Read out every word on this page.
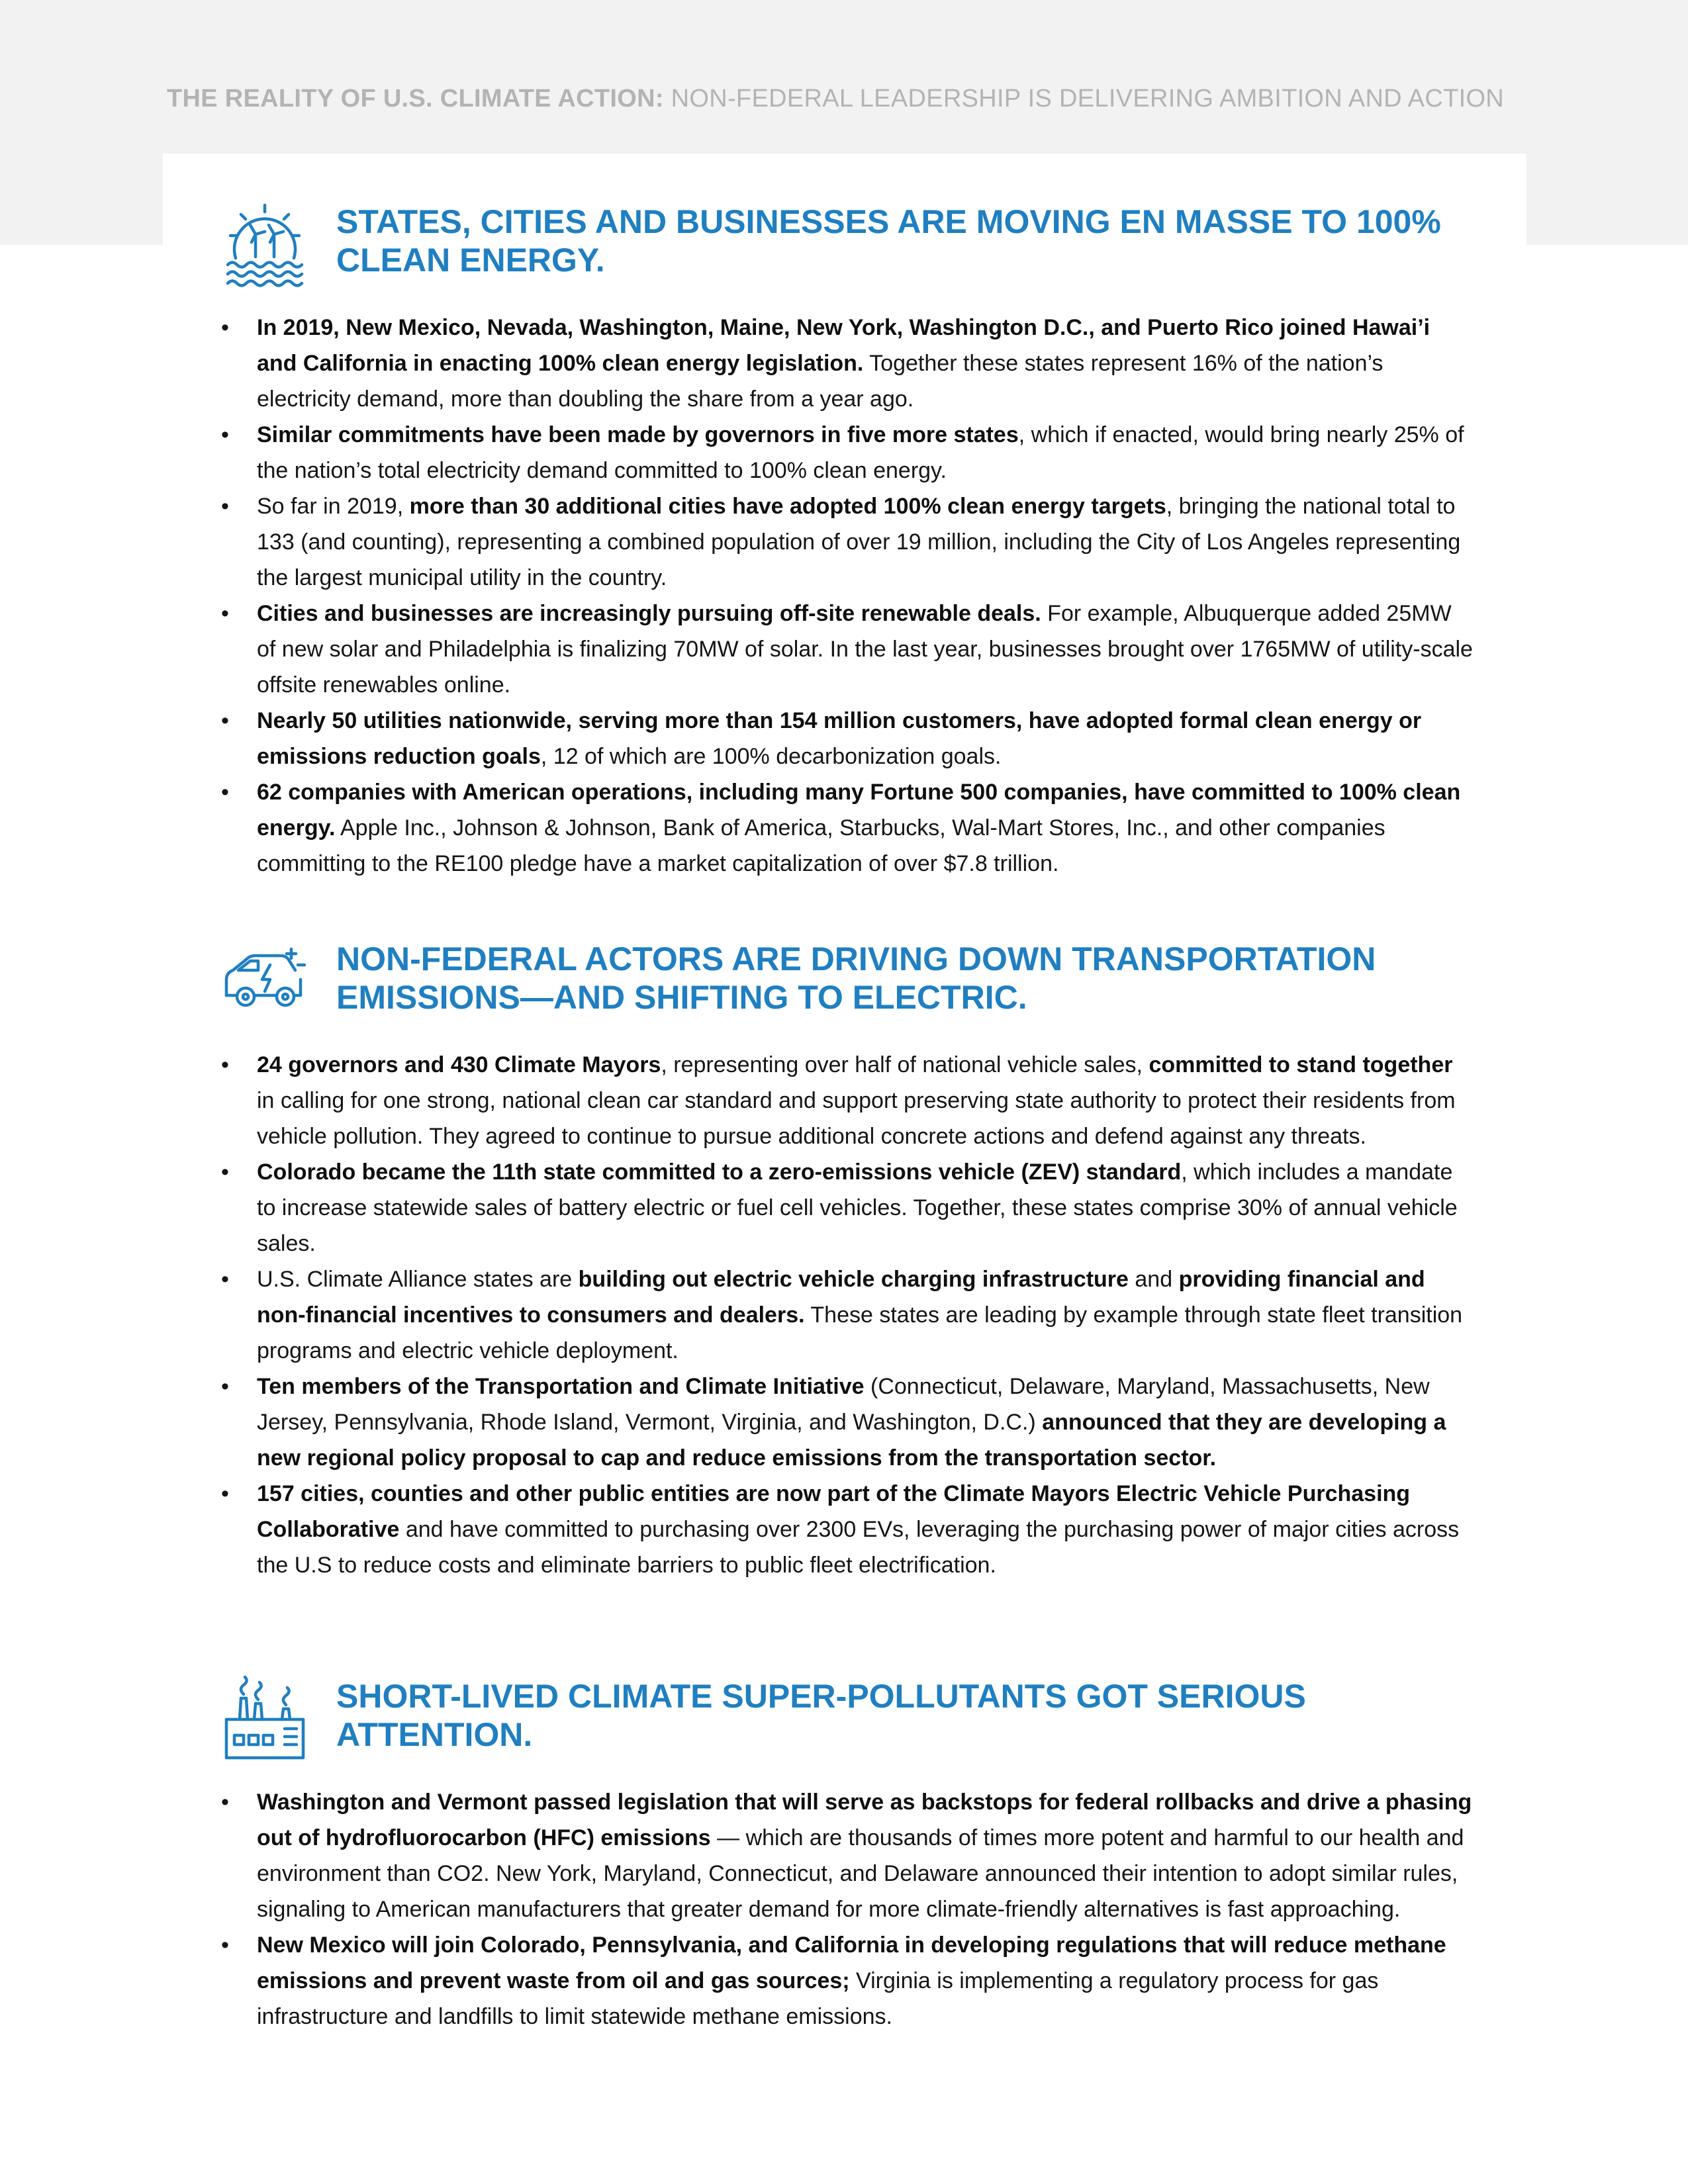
THE REALITY OF U.S. CLIMATE ACTION: NON-FEDERAL LEADERSHIP IS DELIVERING AMBITION AND ACTION
STATES, CITIES AND BUSINESSES ARE MOVING EN MASSE TO 100% CLEAN ENERGY.
• In 2019, New Mexico, Nevada, Washington, Maine, New York, Washington D.C., and Puerto Rico joined Hawai’i and California in enacting 100% clean energy legislation. Together these states represent 16% of the nation’s electricity demand, more than doubling the share from a year ago.
• Similar commitments have been made by governors in five more states, which if enacted, would bring nearly 25% of the nation’s total electricity demand committed to 100% clean energy.
• So far in 2019, more than 30 additional cities have adopted 100% clean energy targets, bringing the national total to 133 (and counting), representing a combined population of over 19 million, including the City of Los Angeles representing the largest municipal utility in the country.
• Cities and businesses are increasingly pursuing off-site renewable deals. For example, Albuquerque added 25MW of new solar and Philadelphia is finalizing 70MW of solar. In the last year, businesses brought over 1765MW of utility-scale offsite renewables online.
• Nearly 50 utilities nationwide, serving more than 154 million customers, have adopted formal clean energy or emissions reduction goals, 12 of which are 100% decarbonization goals.
• 62 companies with American operations, including many Fortune 500 companies, have committed to 100% clean energy. Apple Inc., Johnson & Johnson, Bank of America, Starbucks, Wal-Mart Stores, Inc., and other companies committing to the RE100 pledge have a market capitalization of over $7.8 trillion.
NON-FEDERAL ACTORS ARE DRIVING DOWN TRANSPORTATION EMISSIONS—AND SHIFTING TO ELECTRIC.
• 24 governors and 430 Climate Mayors, representing over half of national vehicle sales, committed to stand together in calling for one strong, national clean car standard and support preserving state authority to protect their residents from vehicle pollution. They agreed to continue to pursue additional concrete actions and defend against any threats.
• Colorado became the 11th state committed to a zero-emissions vehicle (ZEV) standard, which includes a mandate to increase statewide sales of battery electric or fuel cell vehicles. Together, these states comprise 30% of annual vehicle sales.
• U.S. Climate Alliance states are building out electric vehicle charging infrastructure and providing financial and non-financial incentives to consumers and dealers. These states are leading by example through state fleet transition programs and electric vehicle deployment.
• Ten members of the Transportation and Climate Initiative (Connecticut, Delaware, Maryland, Massachusetts, New Jersey, Pennsylvania, Rhode Island, Vermont, Virginia, and Washington, D.C.) announced that they are developing a new regional policy proposal to cap and reduce emissions from the transportation sector.
• 157 cities, counties and other public entities are now part of the Climate Mayors Electric Vehicle Purchasing Collaborative and have committed to purchasing over 2300 EVs, leveraging the purchasing power of major cities across the U.S to reduce costs and eliminate barriers to public fleet electrification.
SHORT-LIVED CLIMATE SUPER-POLLUTANTS GOT SERIOUS ATTENTION.
• Washington and Vermont passed legislation that will serve as backstops for federal rollbacks and drive a phasing out of hydrofluorocarbon (HFC) emissions — which are thousands of times more potent and harmful to our health and environment than CO2. New York, Maryland, Connecticut, and Delaware announced their intention to adopt similar rules, signaling to American manufacturers that greater demand for more climate-friendly alternatives is fast approaching.
• New Mexico will join Colorado, Pennsylvania, and California in developing regulations that will reduce methane emissions and prevent waste from oil and gas sources; Virginia is implementing a regulatory process for gas infrastructure and landfills to limit statewide methane emissions.
